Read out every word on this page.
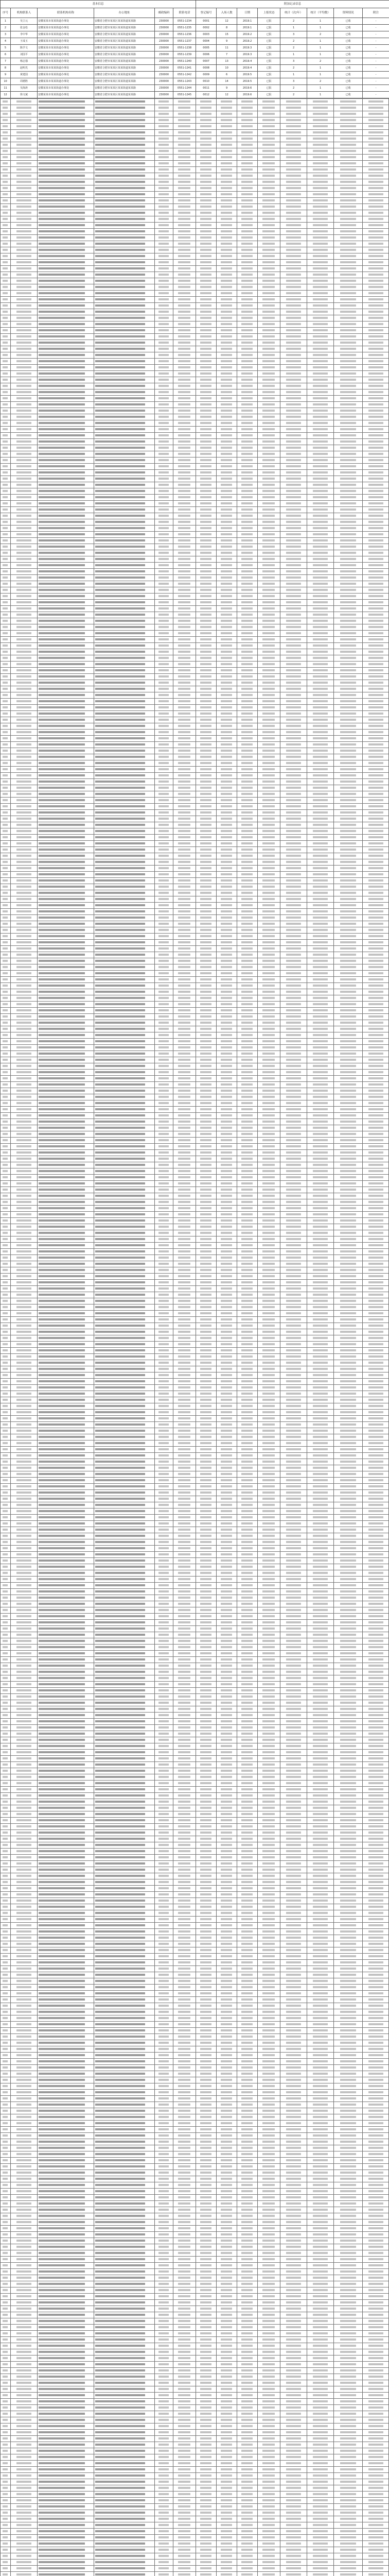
基本信息						附加记录信息							
序号	机构联系人	联系机构名称	办公地址	邮政编码	联系电话	登记编号	入场人数	日期	上报状态	统计（次/年）	统计（平均数）	资料情况	附注
1	吴立元	安徽某某市某某街道办事处	安徽省合肥市某某区某某街道某某路	230000	0551-1234	0001	12	2019.1	已报	2	1	已收	-
2	张金松	安徽某某市某某街道办事处	安徽省合肥市某某区某某街道某某路	230000	0551-1235	0002	8	2019.1	已报	1	1	已收	-
3	李中华	安徽某某市某某街道办事处	安徽省合肥市某某区某某街道某某路	230000	0551-1236	0003	15	2019.2	已报	3	2	已收	-
4	王成玉	安徽某某市某某街道办事处	安徽省合肥市某某区某某街道某某路	230000	0551-1237	0004	9	2019.2	已报	2	1	已收	-
5	陈学文	安徽某某市某某街道办事处	安徽省合肥市某某区某某街道某某路	230000	0551-1238	0005	11	2019.3	已报	2	1	已收	-
6	刘国平	安徽某某市某某街道办事处	安徽省合肥市某某区某某街道某某路	230000	0551-1239	0006	7	2019.3	已报	1	1	已收	-
7	杨志强	安徽某某市某某街道办事处	安徽省合肥市某某区某某街道某某路	230000	0551-1240	0007	13	2019.4	已报	3	2	已收	-
8	赵明光	安徽某某市某某街道办事处	安徽省合肥市某某区某某街道某某路	230000	0551-1241	0008	10	2019.4	已报	2	1	已收	-
9	黄建国	安徽某某市某某街道办事处	安徽省合肥市某某区某某街道某某路	230000	0551-1242	0009	6	2019.5	已报	1	1	已收	-
10	周德胜	安徽某某市某某街道办事处	安徽省合肥市某某区某某街道某某路	230000	0551-1243	0010	14	2019.5	已报	3	2	已收	-
11	吴海涛	安徽某某市某某街道办事处	安徽省合肥市某某区某某街道某某路	230000	0551-1244	0011	9	2019.6	已报	2	1	已收	-
12	徐文斌	安徽某某市某某街道办事处	安徽省合肥市某某区某某街道某某路	230000	0551-1245	0012	12	2019.6	已报	2	1	已收	-
